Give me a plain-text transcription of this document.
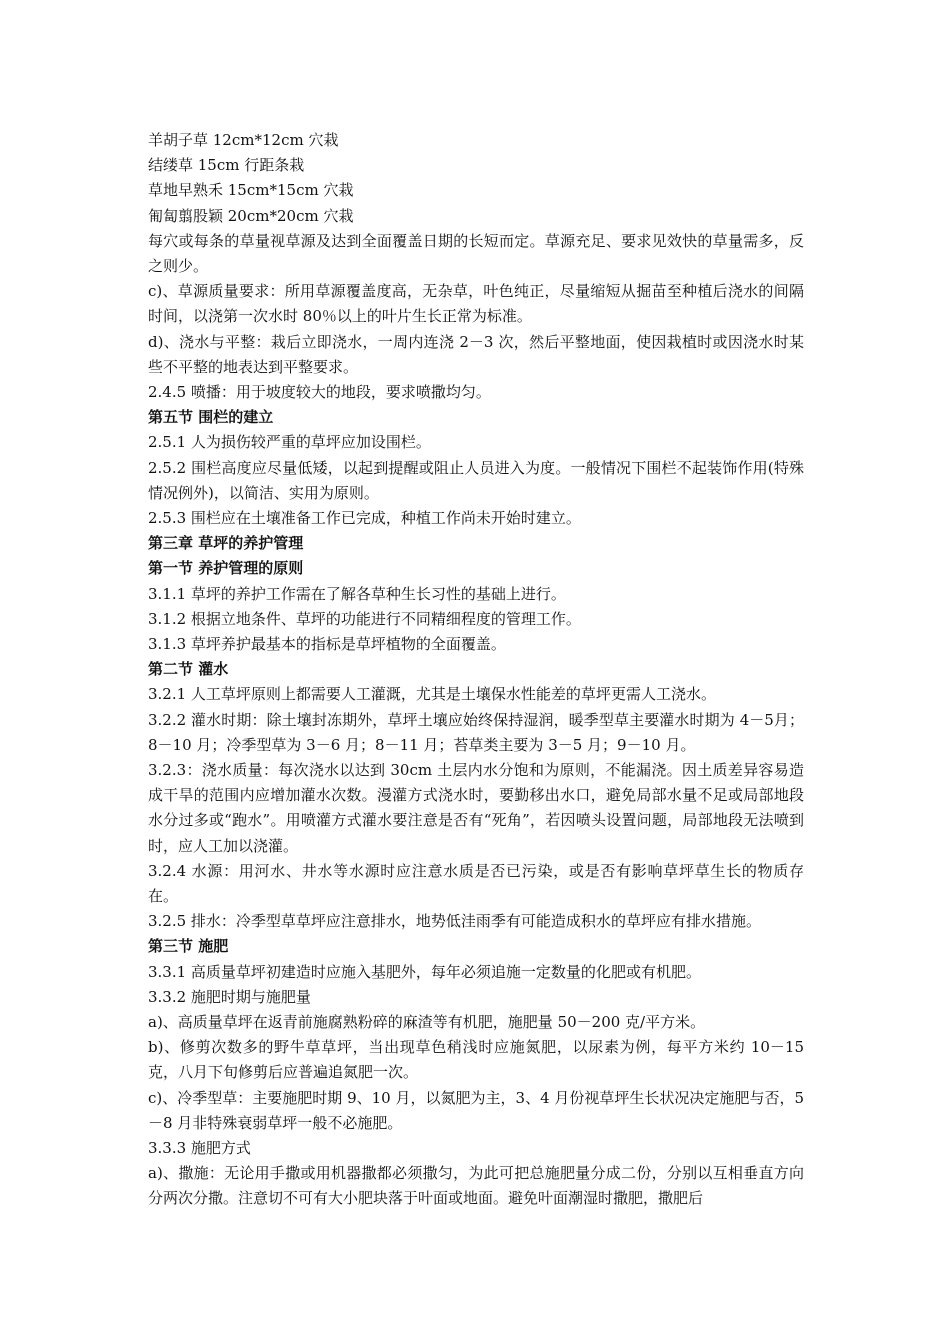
羊胡子草 12cm*12cm 穴栽
结缕草 15cm 行距条栽
草地早熟禾 15cm*15cm 穴栽
匍匐翦股颖 20cm*20cm 穴栽
每穴或每条的草量视草源及达到全面覆盖日期的长短而定。草源充足、要求见效快的草量需多，反之则少。
c)、草源质量要求：所用草源覆盖度高，无杂草，叶色纯正，尽量缩短从掘苗至种植后浇水的间隔时间，以浇第一次水时 80％以上的叶片生长正常为标准。
d)、浇水与平整：栽后立即浇水，一周内连浇 2－3 次，然后平整地面，使因栽植时或因浇水时某些不平整的地表达到平整要求。
2.4.5 喷播：用于坡度较大的地段，要求喷撒均匀。
第五节 围栏的建立
2.5.1 人为损伤较严重的草坪应加设围栏。
2.5.2 围栏高度应尽量低矮，以起到提醒或阻止人员进入为度。一般情况下围栏不起装饰作用(特殊情况例外)，以简洁、实用为原则。
2.5.3 围栏应在土壤准备工作已完成，种植工作尚未开始时建立。
第三章 草坪的养护管理
第一节 养护管理的原则
3.1.1 草坪的养护工作需在了解各草种生长习性的基础上进行。
3.1.2 根据立地条件、草坪的功能进行不同精细程度的管理工作。
3.1.3 草坪养护最基本的指标是草坪植物的全面覆盖。
第二节 灌水
3.2.1 人工草坪原则上都需要人工灌溉，尤其是土壤保水性能差的草坪更需人工浇水。
3.2.2 灌水时期：除土壤封冻期外，草坪土壤应始终保持湿润，暖季型草主要灌水时期为 4－5月；8－10 月；冷季型草为 3－6 月；8－11 月；苔草类主要为 3－5 月；9－10 月。
3.2.3：浇水质量：每次浇水以达到 30cm 土层内水分饱和为原则，不能漏浇。因土质差异容易造成干旱的范围内应增加灌水次数。漫灌方式浇水时，要勤移出水口，避免局部水量不足或局部地段水分过多或“跑水”。用喷灌方式灌水要注意是否有“死角”，若因喷头设置问题，局部地段无法喷到时，应人工加以浇灌。
3.2.4 水源：用河水、井水等水源时应注意水质是否已污染，或是否有影响草坪草生长的物质存在。
3.2.5 排水：冷季型草草坪应注意排水，地势低洼雨季有可能造成积水的草坪应有排水措施。
第三节 施肥
3.3.1 高质量草坪初建造时应施入基肥外，每年必须追施一定数量的化肥或有机肥。
3.3.2 施肥时期与施肥量
a)、高质量草坪在返青前施腐熟粉碎的麻渣等有机肥，施肥量 50－200 克/平方米。
b)、修剪次数多的野牛草草坪，当出现草色稍浅时应施氮肥，以尿素为例，每平方米约 10－15 克，八月下旬修剪后应普遍追氮肥一次。
c)、冷季型草：主要施肥时期 9、10 月，以氮肥为主，3、4 月份视草坪生长状况决定施肥与否，5－8 月非特殊衰弱草坪一般不必施肥。
3.3.3 施肥方式
a)、撒施：无论用手撒或用机器撒都必须撒匀，为此可把总施肥量分成二份，分别以互相垂直方向分两次分撒。注意切不可有大小肥块落于叶面或地面。避免叶面潮湿时撒肥，撒肥后
